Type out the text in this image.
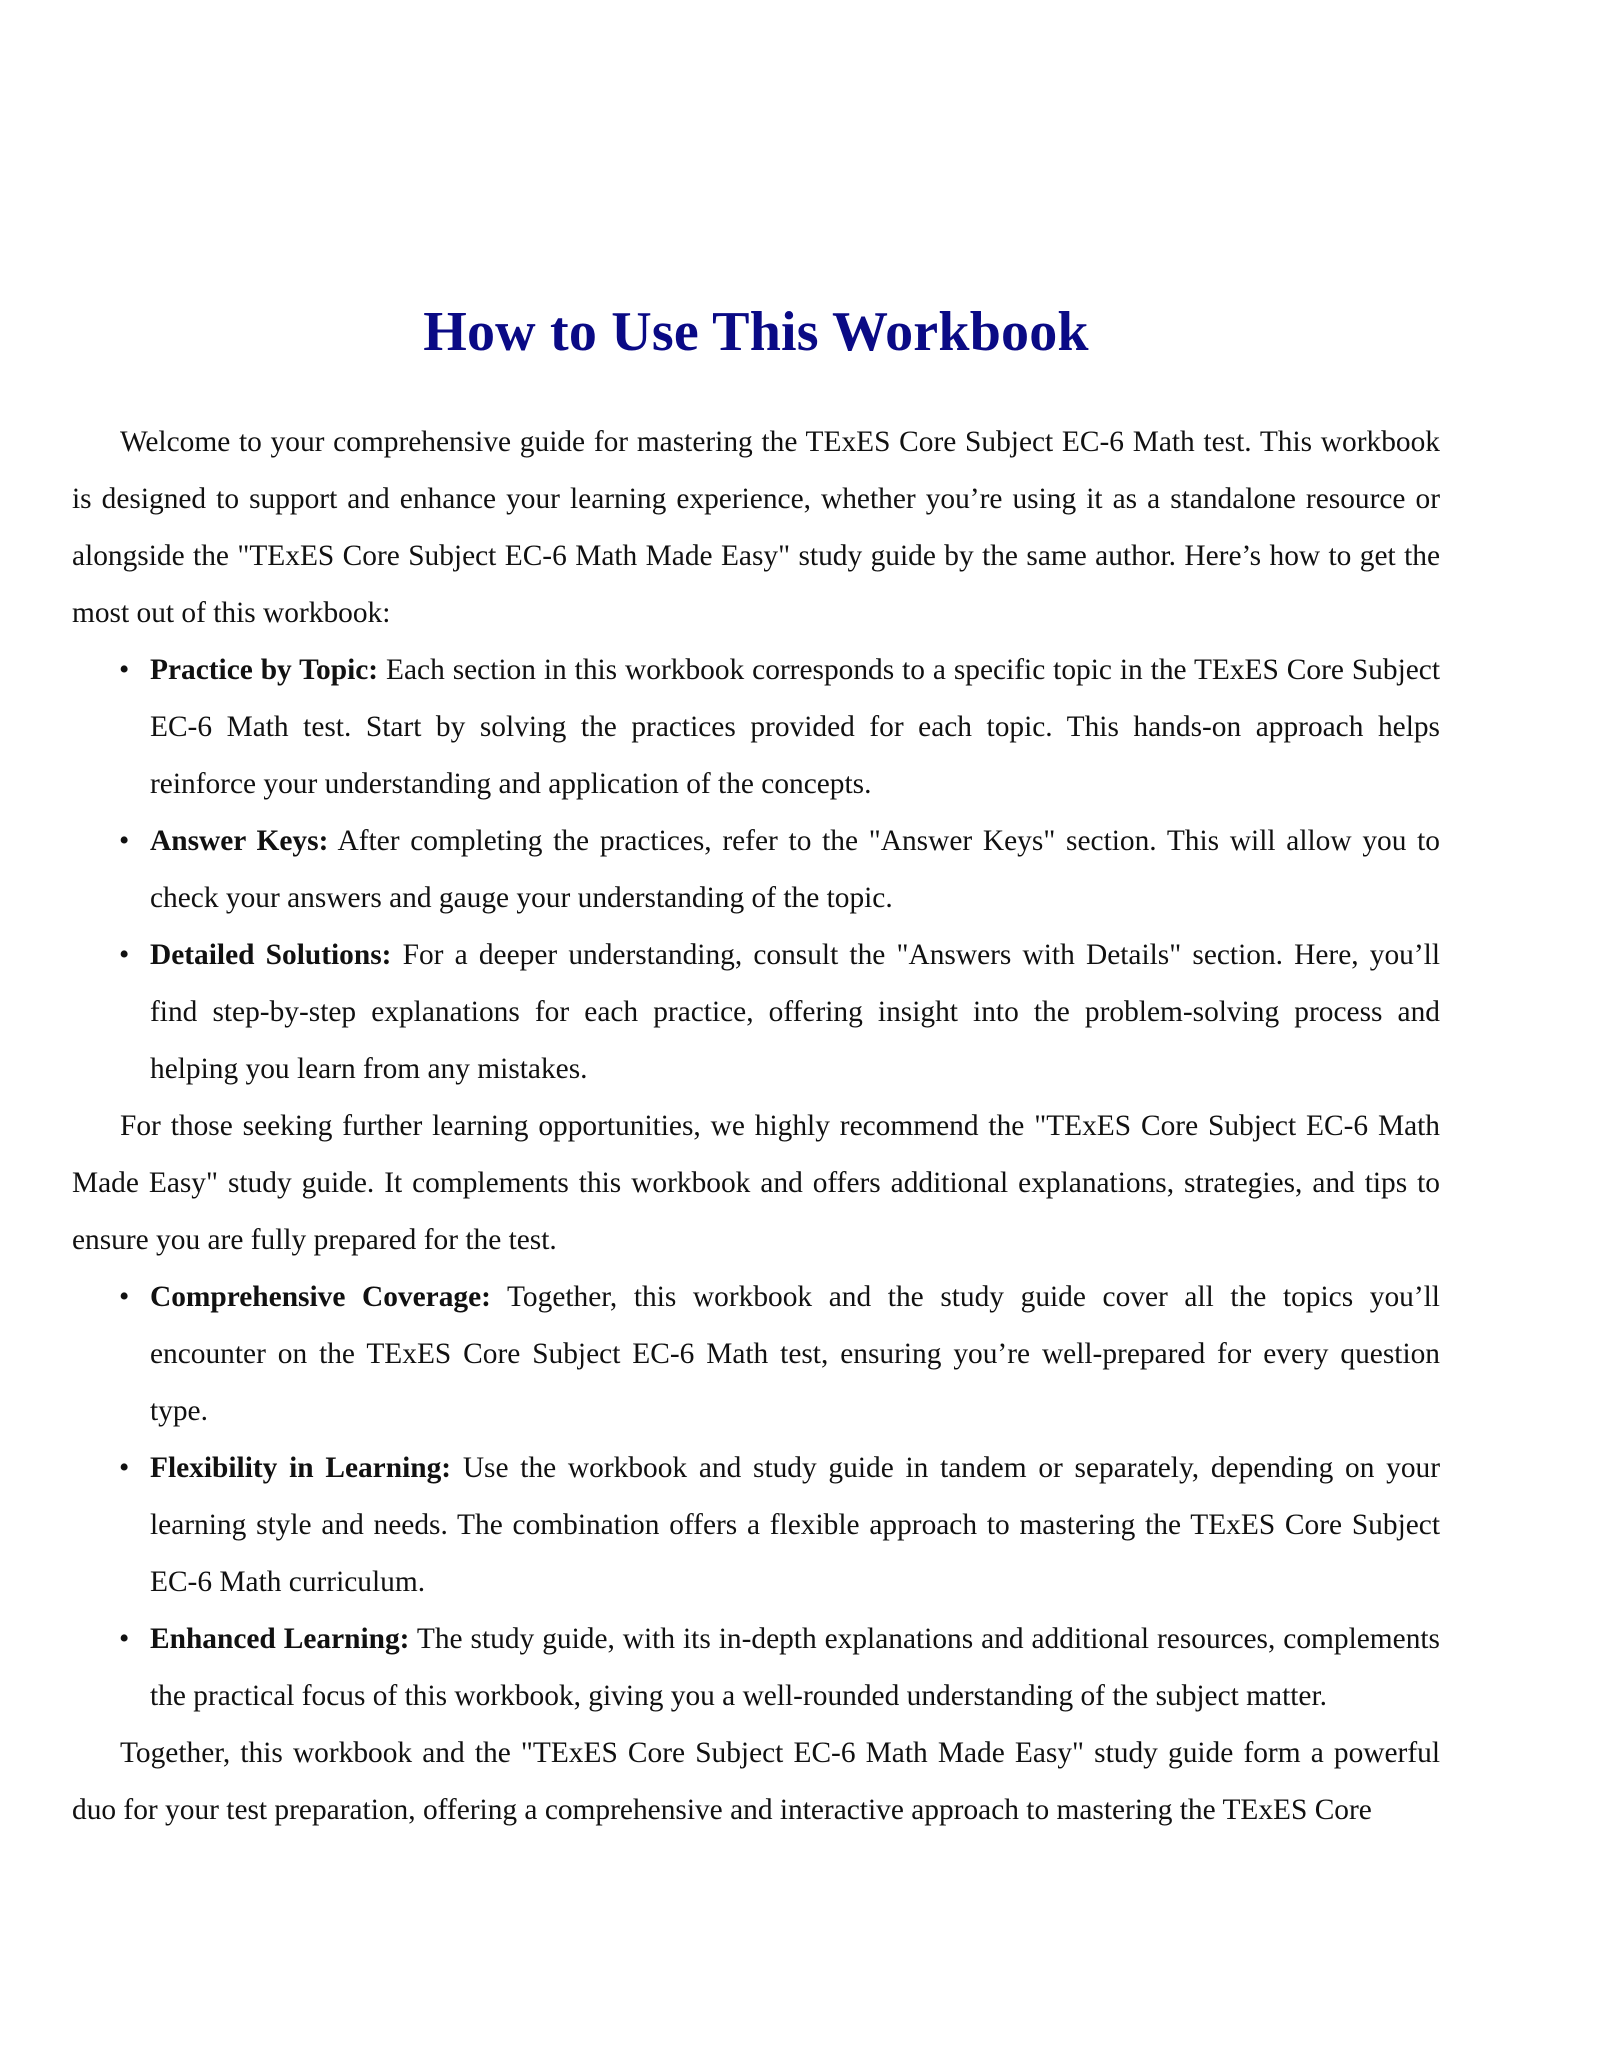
How to Use This Workbook

Welcome to your comprehensive guide for mastering the TExES Core Subject EC-6 Math test. This workbook is designed to support and enhance your learning experience, whether you’re using it as a standalone resource or alongside the "TExES Core Subject EC-6 Math Made Easy" study guide by the same author. Here’s how to get the most out of this workbook:

• Practice by Topic: Each section in this workbook corresponds to a specific topic in the TExES Core Subject EC-6 Math test. Start by solving the practices provided for each topic. This hands-on approach helps reinforce your understanding and application of the concepts.
• Answer Keys: After completing the practices, refer to the "Answer Keys" section. This will allow you to check your answers and gauge your understanding of the topic.
• Detailed Solutions: For a deeper understanding, consult the "Answers with Details" section. Here, you’ll find step-by-step explanations for each practice, offering insight into the problem-solving process and helping you learn from any mistakes.

For those seeking further learning opportunities, we highly recommend the "TExES Core Subject EC-6 Math Made Easy" study guide. It complements this workbook and offers additional explanations, strategies, and tips to ensure you are fully prepared for the test.

• Comprehensive Coverage: Together, this workbook and the study guide cover all the topics you’ll encounter on the TExES Core Subject EC-6 Math test, ensuring you’re well-prepared for every question type.
• Flexibility in Learning: Use the workbook and study guide in tandem or separately, depending on your learning style and needs. The combination offers a flexible approach to mastering the TExES Core Subject EC-6 Math curriculum.
• Enhanced Learning: The study guide, with its in-depth explanations and additional resources, complements the practical focus of this workbook, giving you a well-rounded understanding of the subject matter.

Together, this workbook and the "TExES Core Subject EC-6 Math Made Easy" study guide form a powerful duo for your test preparation, offering a comprehensive and interactive approach to mastering the TExES Core
